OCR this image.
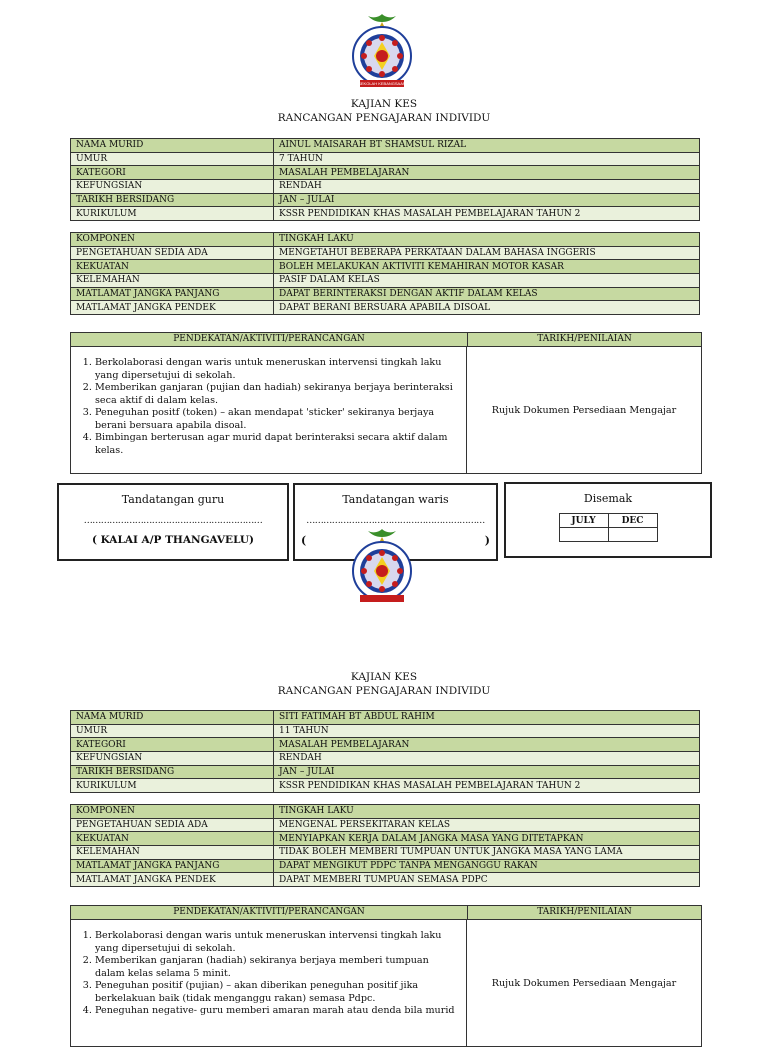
SEKOLAH KEBANGSAAN
KAJIAN KES
RANCANGAN PENGAJARAN INDIVIDU
NAMA MURID	AINUL MAISARAH BT SHAMSUL RIZAL
UMUR	7 TAHUN
KATEGORI	MASALAH PEMBELAJARAN
KEFUNGSIAN	RENDAH
TARIKH BERSIDANG	JAN – JULAI
KURIKULUM	KSSR PENDIDIKAN KHAS MASALAH PEMBELAJARAN TAHUN 2
KOMPONEN	TINGKAH LAKU
PENGETAHUAN SEDIA ADA	MENGETAHUI BEBERAPA PERKATAAN DALAM BAHASA INGGERIS
KEKUATAN	BOLEH MELAKUKAN AKTIVITI KEMAHIRAN MOTOR KASAR
KELEMAHAN	PASIF DALAM KELAS
MATLAMAT JANGKA PANJANG	DAPAT BERINTERAKSI DENGAN AKTIF DALAM KELAS
MATLAMAT JANGKA PENDEK	DAPAT BERANI BERSUARA APABILA DISOAL
PENDEKATAN/AKTIVITI/PERANCANGAN	TARIKH/PENILAIAN
1. Berkolaborasi dengan waris untuk meneruskan intervensi tingkah laku yang dipersetujui di sekolah.
2. Memberikan ganjaran (pujian dan hadiah) sekiranya berjaya berinteraksi seca aktif di dalam kelas.
3. Peneguhan positf (token) – akan mendapat 'sticker' sekiranya berjaya berani bersuara apabila disoal.
4. Bimbingan berterusan agar murid dapat berinteraksi secara aktif dalam kelas.
Rujuk Dokumen Persediaan Mengajar
Tandatangan guru
………………………………………………………
( KALAI A/P THANGAVELU)
Tandatangan waris
………………………………………………………
(	)
Disemak
JULY	DEC

KAJIAN KES
RANCANGAN PENGAJARAN INDIVIDU
NAMA MURID	SITI FATIMAH BT ABDUL RAHIM
UMUR	11 TAHUN
KATEGORI	MASALAH PEMBELAJARAN
KEFUNGSIAN	RENDAH
TARIKH BERSIDANG	JAN – JULAI
KURIKULUM	KSSR PENDIDIKAN KHAS MASALAH PEMBELAJARAN TAHUN 2
KOMPONEN	TINGKAH LAKU
PENGETAHUAN SEDIA ADA	MENGENAL PERSEKITARAN KELAS
KEKUATAN	MENYIAPKAN KERJA DALAM JANGKA MASA YANG DITETAPKAN
KELEMAHAN	TIDAK BOLEH MEMBERI TUMPUAN UNTUK JANGKA MASA YANG LAMA
MATLAMAT JANGKA PANJANG	DAPAT MENGIKUT PDPC TANPA MENGANGGU RAKAN
MATLAMAT JANGKA PENDEK	DAPAT MEMBERI TUMPUAN SEMASA PDPC
PENDEKATAN/AKTIVITI/PERANCANGAN	TARIKH/PENILAIAN
1. Berkolaborasi dengan waris untuk meneruskan intervensi tingkah laku yang dipersetujui di sekolah.
2. Memberikan ganjaran (hadiah) sekiranya berjaya memberi tumpuan dalam kelas selama 5 minit.
3. Peneguhan positif (pujian) – akan diberikan peneguhan positif jika berkelakuan baik (tidak menganggu rakan) semasa Pdpc.
4. Peneguhan negative- guru memberi amaran marah atau denda bila murid
Rujuk Dokumen Persediaan Mengajar
